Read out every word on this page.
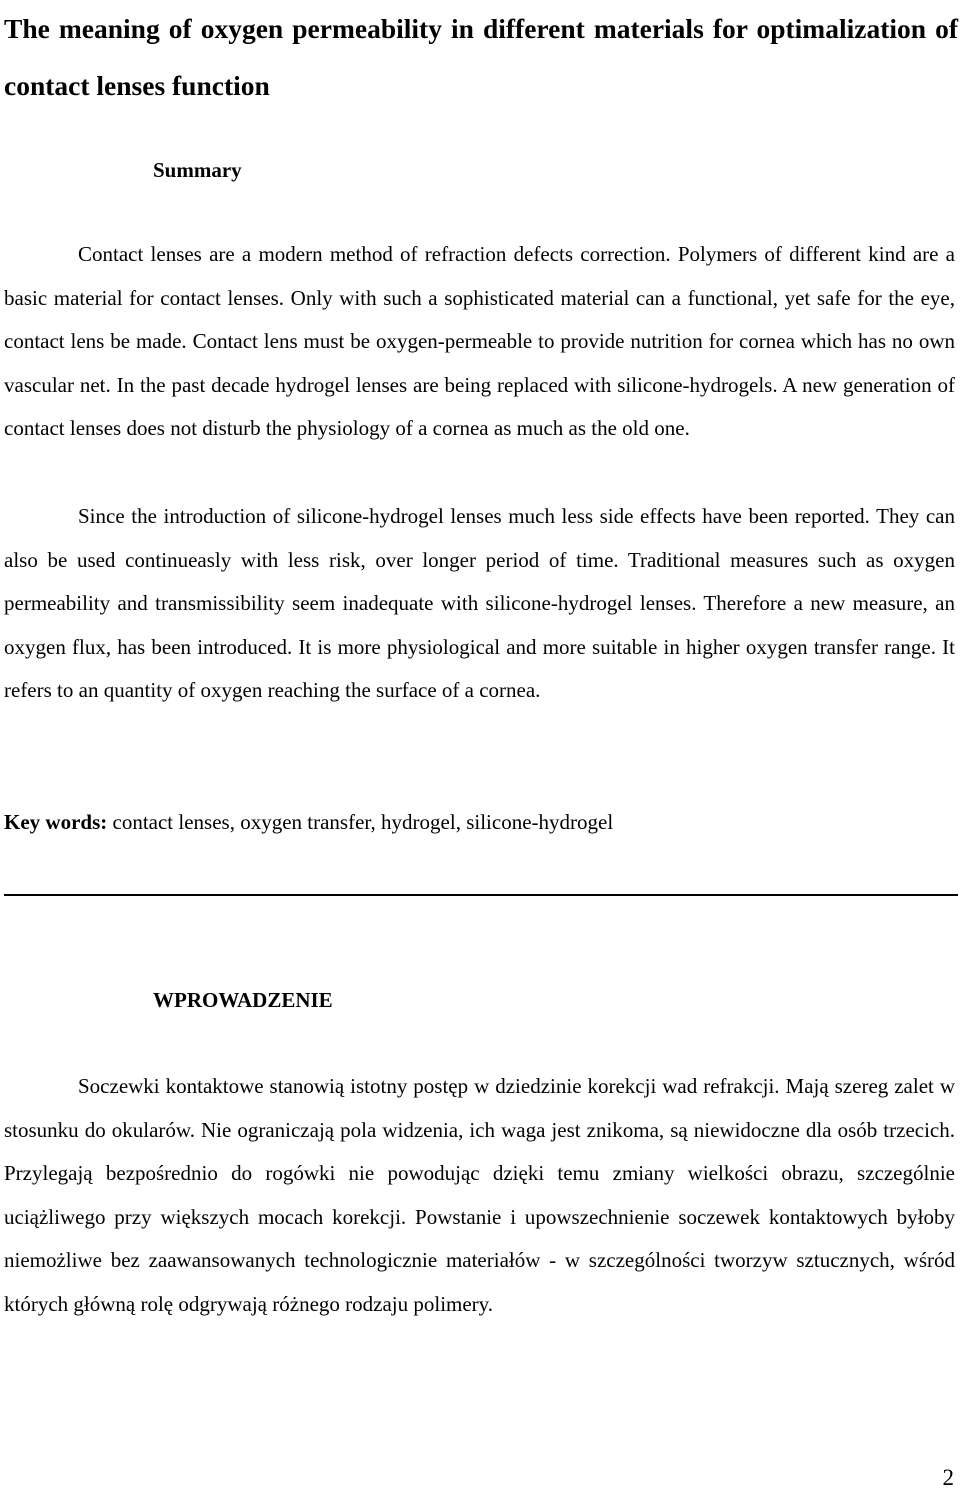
The meaning of oxygen permeability in different materials for optimalization of contact lenses function
Summary

Contact lenses are a modern method of refraction defects correction. Polymers of different kind are a basic material for contact lenses. Only with such a sophisticated material can a functional, yet safe for the eye, contact lens be made. Contact lens must be oxygen-permeable to provide nutrition for cornea which has no own vascular net. In the past decade hydrogel lenses are being replaced with silicone-hydrogels. A new generation of contact lenses does not disturb the physiology of a cornea as much as the old one.

Since the introduction of silicone-hydrogel lenses much less side effects have been reported. They can also be used continueasly with less risk, over longer period of time. Traditional measures such as oxygen permeability and transmissibility seem inadequate with silicone-hydrogel lenses. Therefore a new measure, an oxygen flux, has been introduced. It is more physiological and more suitable in higher oxygen transfer range. It refers to an quantity of oxygen reaching the surface of a cornea.

Key words: contact lenses, oxygen transfer, hydrogel, silicone-hydrogel

WPROWADZENIE

Soczewki kontaktowe stanowią istotny postęp w dziedzinie korekcji wad refrakcji. Mają szereg zalet w stosunku do okularów. Nie ograniczają pola widzenia, ich waga jest znikoma, są niewidoczne dla osób trzecich. Przylegają bezpośrednio do rogówki nie powodując dzięki temu zmiany wielkości obrazu, szczególnie uciążliwego przy większych mocach korekcji. Powstanie i upowszechnienie soczewek kontaktowych byłoby niemożliwe bez zaawansowanych technologicznie materiałów - w szczególności tworzyw sztucznych, wśród których główną rolę odgrywają różnego rodzaju polimery.

2
